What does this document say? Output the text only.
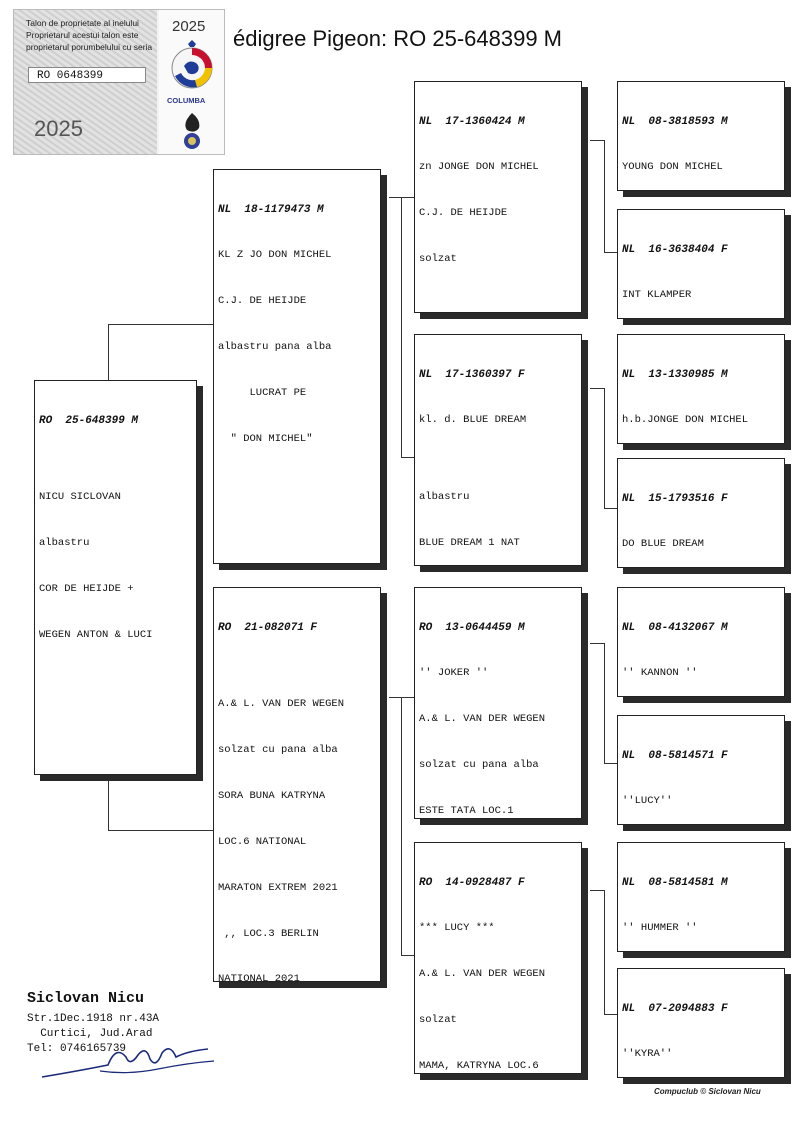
édigree Pigeon: RO 25-648399 M
Talon de proprietate al inelului
Proprietarul acestui talon este
proprietarul porumbelului cu seria
RO 0648399
2025
2025
COLUMBA

RO  25-648399 M

NICU SICLOVAN

albastru

COR DE HEIJDE +

WEGEN ANTON & LUCI

NL  18-1179473 M

KL Z JO DON MICHEL

C.J. DE HEIJDE

albastru pana alba

LUCRAT PE

" DON MICHEL"

RO  21-082071 F

A.& L. VAN DER WEGEN

solzat cu pana alba

SORA BUNA KATRYNA

LOC.6 NATIONAL

MARATON EXTREM 2021

,, LOC.3 BERLIN

NATIONAL 2021

NL  17-1360424 M

zn JONGE DON MICHEL

C.J. DE HEIJDE

solzat

NL  17-1360397 F

kl. d. BLUE DREAM

albastru

BLUE DREAM 1 NAT

RO  13-0644459 M

'' JOKER ''

A.& L. VAN DER WEGEN

solzat cu pana alba

ESTE TATA LOC.1

RO  14-0928487 F

*** LUCY ***

A.& L. VAN DER WEGEN

solzat

MAMA, KATRYNA LOC.6

NL  08-3818593 M

YOUNG DON MICHEL

NL  16-3638404 F

INT KLAMPER

NL  13-1330985 M

h.b.JONGE DON MICHEL

NL  15-1793516 F

DO BLUE DREAM

NL  08-4132067 M

'' KANNON ''

NL  08-5814571 F

''LUCY''

NL  08-5814581 M

'' HUMMER ''

NL  07-2094883 F

''KYRA''

Siclovan Nicu
Str.1Dec.1918 nr.43A
Curtici, Jud.Arad
Tel: 0746165739
Compuclub © Siclovan Nicu
